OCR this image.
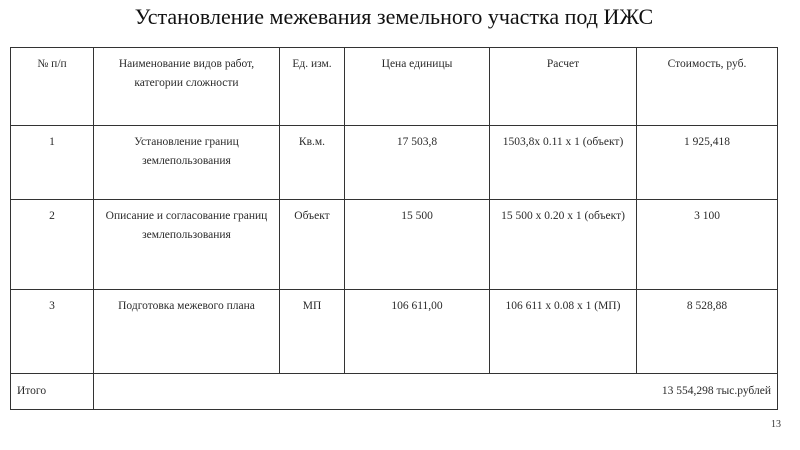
Установление межевания земельного участка под ИЖС
№ п/п	Наименование видов работ, категории сложности	Ед. изм.	Цена единицы	Расчет	Стоимость, руб.
1	Установление границ землепользования	Кв.м.	17 503,8	1503,8х 0.11 х 1 (объект)	1 925,418
2	Описание и согласование границ землепользования	Объект	15 500	15 500 х 0.20 х 1 (объект)	3 100
3	Подготовка межевого плана	МП	106 611,00	106 611 х 0.08 х 1 (МП)	8 528,88
Итого	13 554,298 тыс.рублей				
13
